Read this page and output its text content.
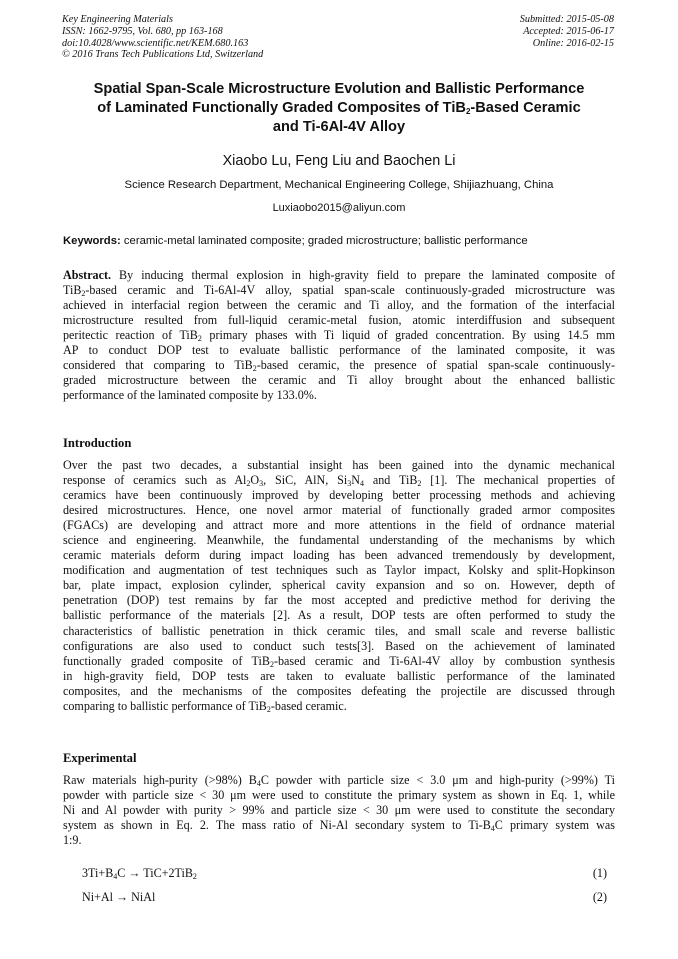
Key Engineering Materials
ISSN: 1662-9795, Vol. 680, pp 163-168
doi:10.4028/www.scientific.net/KEM.680.163
© 2016 Trans Tech Publications Ltd, Switzerland
Submitted: 2015-05-08
Accepted: 2015-06-17
Online: 2016-02-15
Spatial Span-Scale Microstructure Evolution and Ballistic Performance
of Laminated Functionally Graded Composites of TiB$_2$-Based Ceramic
and Ti-6Al-4V Alloy
Xiaobo Lu, Feng Liu and Baochen Li
Science Research Department, Mechanical Engineering College, Shijiazhuang, China
Luxiaobo2015@aliyun.com
Keywords: ceramic-metal laminated composite; graded microstructure; ballistic performance
Abstract. By inducing thermal explosion in high-gravity field to prepare the laminated composite of
TiB$_2$-based ceramic and Ti-6Al-4V alloy, spatial span-scale continuously-graded microstructure was
achieved in interfacial region between the ceramic and Ti alloy, and the formation of the interfacial
microstructure resulted from full-liquid ceramic-metal fusion, atomic interdiffusion and subsequent
peritectic reaction of TiB$_2$ primary phases with Ti liquid of graded concentration. By using 14.5 mm
AP to conduct DOP test to evaluate ballistic performance of the laminated composite, it was
considered that comparing to TiB$_2$-based ceramic, the presence of spatial span-scale continuously-
graded microstructure between the ceramic and Ti alloy brought about the enhanced ballistic
performance of the laminated composite by 133.0%.
Introduction
Over the past two decades, a substantial insight has been gained into the dynamic mechanical
response of ceramics such as $Al_2O_3$, SiC, AlN, $Si_3N_4$ and TiB$_2$ [1]. The mechanical properties of
ceramics have been continuously improved by developing better processing methods and achieving
desired microstructures. Hence, one novel armor material of functionally graded armor composites
(FGACs) are developing and attract more and more attentions in the field of ordnance material
science and engineering. Meanwhile, the fundamental understanding of the mechanisms by which
ceramic materials deform during impact loading has been advanced tremendously by development,
modification and augmentation of test techniques such as Taylor impact, Kolsky and split-Hopkinson
bar, plate impact, explosion cylinder, spherical cavity expansion and so on. However, depth of
penetration (DOP) test remains by far the most accepted and predictive method for deriving the
ballistic performance of the materials [2]. As a result, DOP tests are often performed to study the
characteristics of ballistic penetration in thick ceramic tiles, and small scale and reverse ballistic
configurations are also used to conduct such tests[3]. Based on the achievement of laminated
functionally graded composite of TiB$_2$-based ceramic and Ti-6Al-4V alloy by combustion synthesis
in high-gravity field, DOP tests are taken to evaluate ballistic performance of the laminated
composites, and the mechanisms of the composites defeating the projectile are discussed through
comparing to ballistic performance of TiB$_2$-based ceramic.
Experimental
Raw materials high-purity (>98%) $B_4C$ powder with particle size < 3.0 μm and high-purity (>99%) Ti
powder with particle size < 30 μm were used to constitute the primary system as shown in Eq. 1, while
Ni and Al powder with purity > 99% and particle size < 30 μm were used to constitute the secondary
system as shown in Eq. 2. The mass ratio of Ni-Al secondary system to $Ti-B_4C$ primary system was
1:9.
$3Ti+B_4C \to TiC+2TiB_2$	(1)
Ni+Al → NiAl	(2)
